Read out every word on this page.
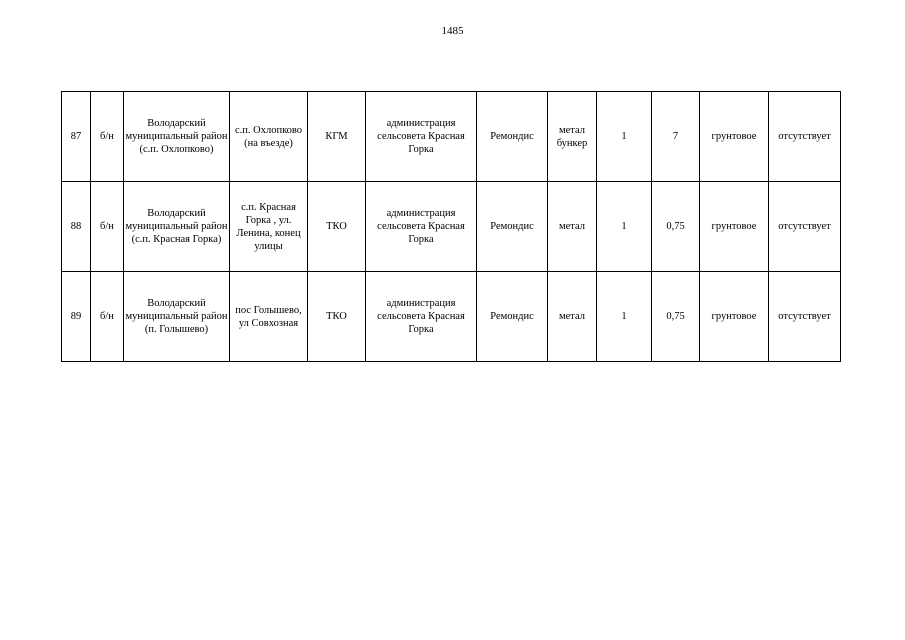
1485
87	б/н	Володарский муниципальный район (с.п. Охлопково)	с.п. Охлопково (на въезде)	КГМ	администрация сельсовета Красная Горка	Ремондис	метал бункер	1	7	грунтовое	отсутствует
88	б/н	Володарский муниципальный район (с.п. Красная Горка)	с.п. Красная Горка , ул. Ленина, конец улицы	ТКО	администрация сельсовета Красная Горка	Ремондис	метал	1	0,75	грунтовое	отсутствует
89	б/н	Володарский муниципальный район (п. Голышево)	пос Голышево, ул Совхозная	ТКО	администрация сельсовета Красная Горка	Ремондис	метал	1	0,75	грунтовое	отсутствует
